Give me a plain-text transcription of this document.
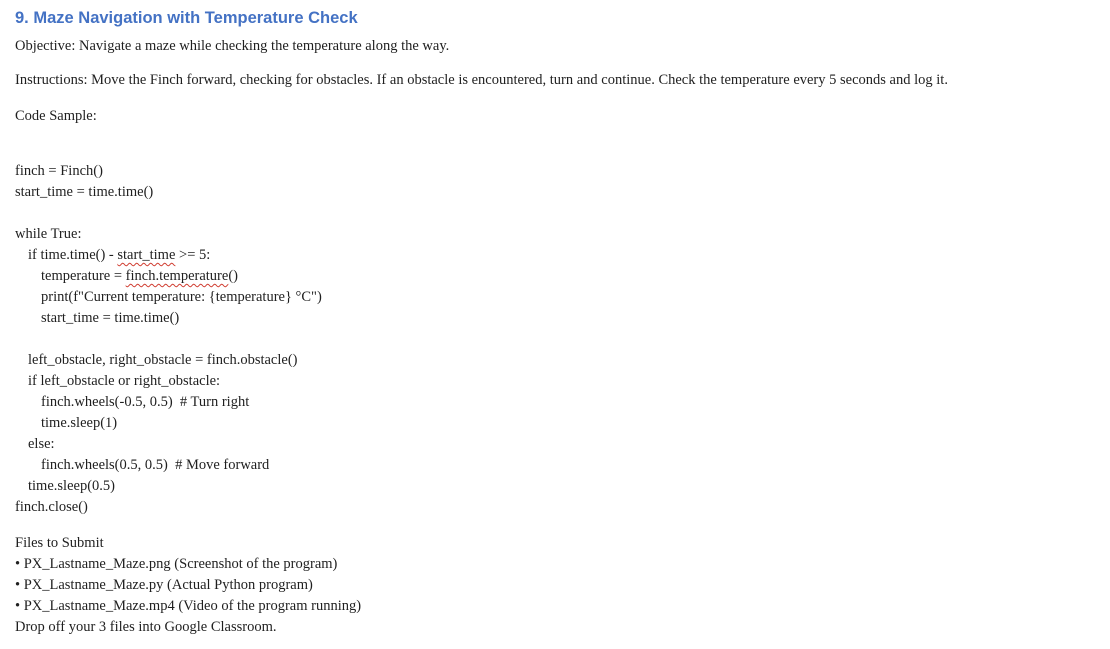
9. Maze Navigation with Temperature Check

Objective: Navigate a maze while checking the temperature along the way.

Instructions: Move the Finch forward, checking for obstacles. If an obstacle is encountered, turn and continue. Check the temperature every 5 seconds and log it.

Code Sample:

finch = Finch()
start_time = time.time()

while True:
if time.time() - start_time >= 5:
temperature = finch.temperature()
print(f"Current temperature: {temperature} °C")
start_time = time.time()

left_obstacle, right_obstacle = finch.obstacle()
if left_obstacle or right_obstacle:
finch.wheels(-0.5, 0.5)  # Turn right
time.sleep(1)
else:
finch.wheels(0.5, 0.5)  # Move forward
time.sleep(0.5)
finch.close()

Files to Submit

• PX_Lastname_Maze.png (Screenshot of the program)

• PX_Lastname_Maze.py (Actual Python program)

• PX_Lastname_Maze.mp4 (Video of the program running)

Drop off your 3 files into Google Classroom.
